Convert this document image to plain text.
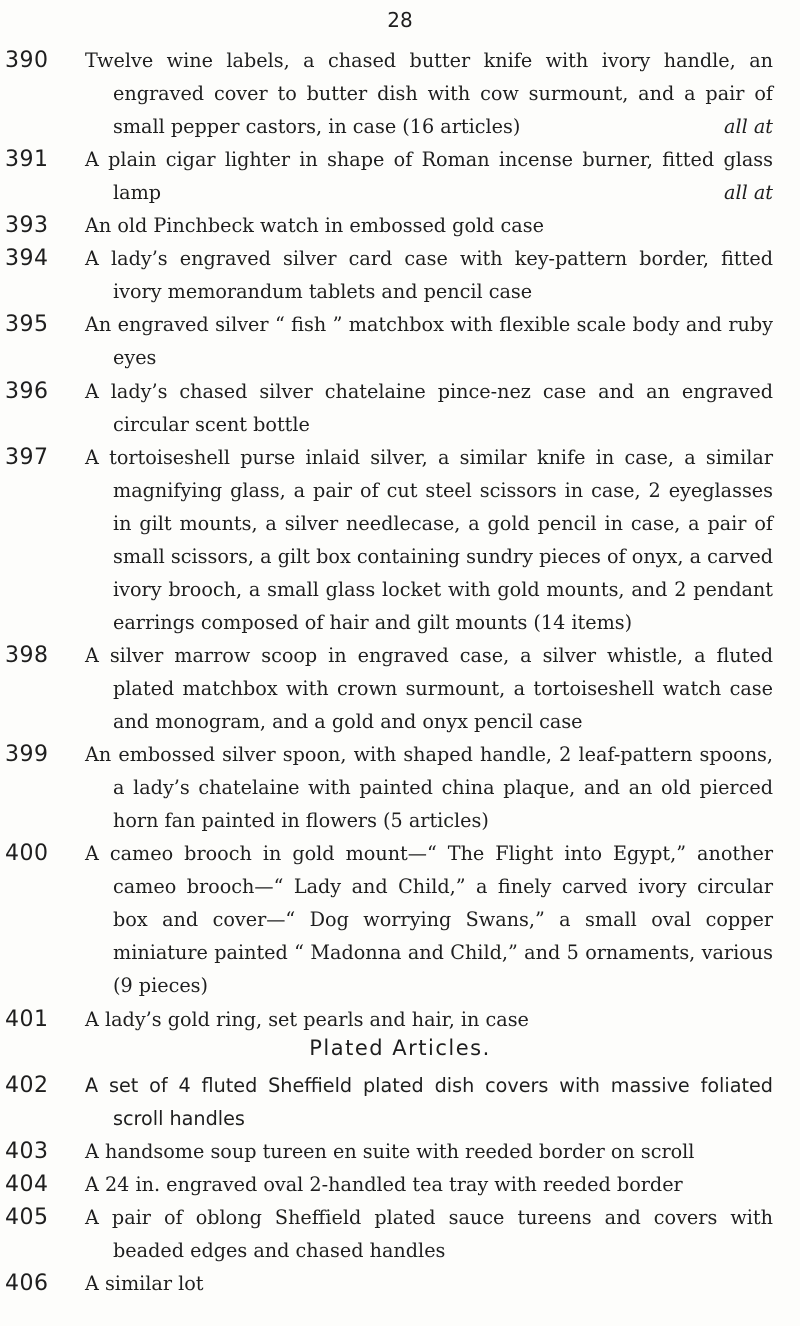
28
390	Twelve wine labels, a chased butter knife with ivory handle, an engraved cover to butter dish with cow surmount, and a pair of small pepper castors, in case (16 articles)	all at
391	A plain cigar lighter in shape of Roman incense burner, fitted glass lamp	all at
393	An old Pinchbeck watch in embossed gold case
394	A lady’s engraved silver card case with key-pattern border, fitted ivory memorandum tablets and pencil case
395	An engraved silver “ fish ” matchbox with flexible scale body and ruby eyes
396	A lady’s chased silver chatelaine pince-nez case and an engraved circular scent bottle
397	A tortoiseshell purse inlaid silver, a similar knife in case, a similar magnifying glass, a pair of cut steel scissors in case, 2 eyeglasses in gilt mounts, a silver needlecase, a gold pencil in case, a pair of small scissors, a gilt box containing sundry pieces of onyx, a carved ivory brooch, a small glass locket with gold mounts, and 2 pendant earrings composed of hair and gilt mounts (14 items)
398	A silver marrow scoop in engraved case, a silver whistle, a fluted plated matchbox with crown surmount, a tortoiseshell watch case and monogram, and a gold and onyx pencil case
399	An embossed silver spoon, with shaped handle, 2 leaf-pattern spoons, a lady’s chatelaine with painted china plaque, and an old pierced horn fan painted in flowers (5 articles)
400	A cameo brooch in gold mount—“ The Flight into Egypt,” another cameo brooch—“ Lady and Child,” a finely carved ivory circular box and cover—“ Dog worrying Swans,” a small oval copper miniature painted “ Madonna and Child,” and 5 ornaments, various (9 pieces)
401	A lady’s gold ring, set pearls and hair, in case
Plated Articles.
402	A set of 4 fluted Sheffield plated dish covers with massive foliated scroll handles
403	A handsome soup tureen en suite with reeded border on scroll
404	A 24 in. engraved oval 2-handled tea tray with reeded border
405	A pair of oblong Sheffield plated sauce tureens and covers with beaded edges and chased handles
406	A similar lot
